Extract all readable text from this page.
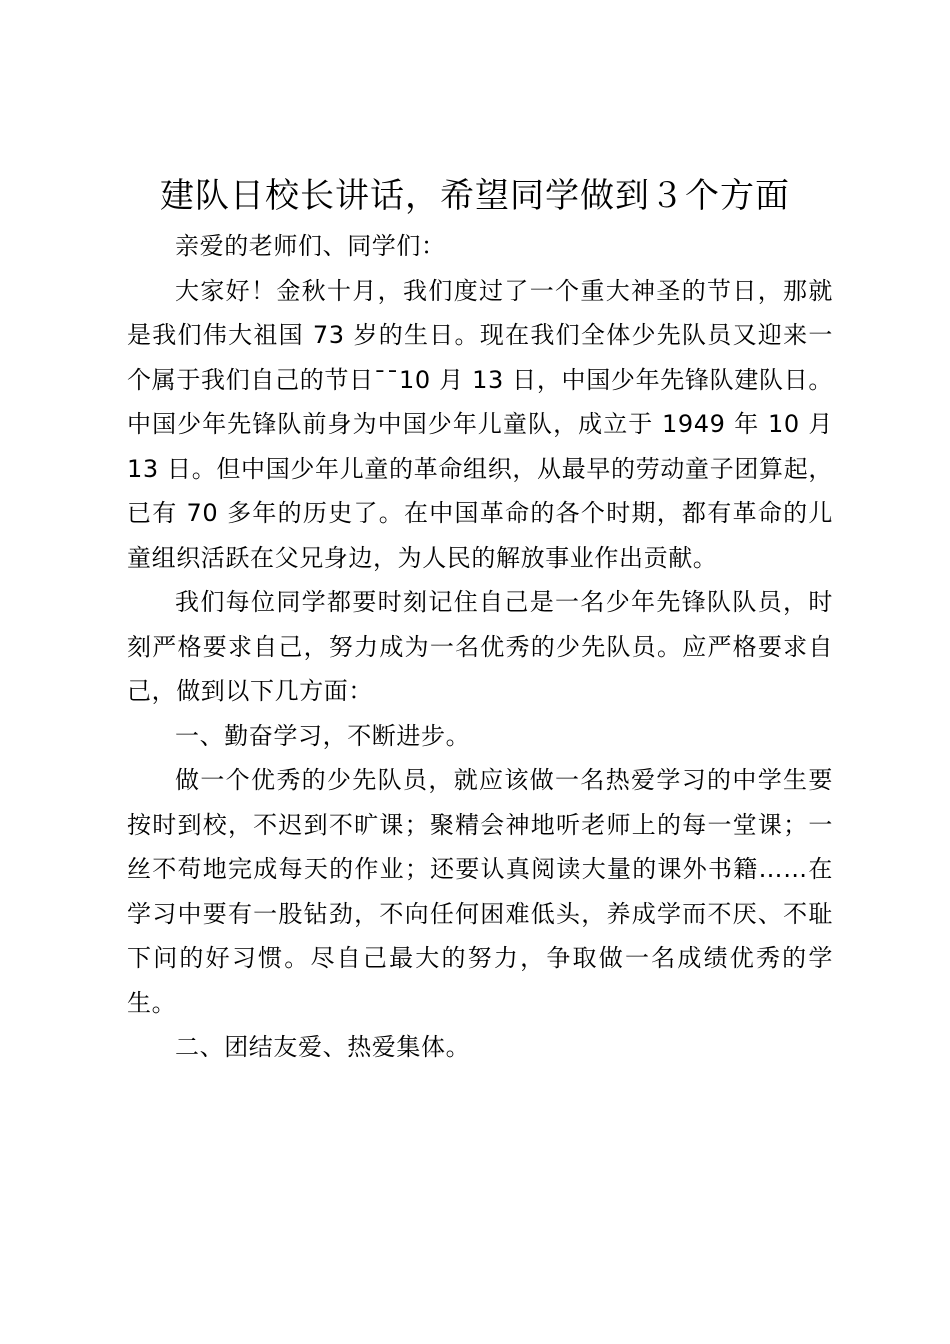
建队日校长讲话，希望同学做到３个方面

亲爱的老师们、同学们：

大家好！金秋十月，我们度过了一个重大神圣的节日，那就是我们伟大祖国 73 岁的生日。现在我们全体少先队员又迎来一个属于我们自己的节日¯¯10 月 13 日，中国少年先锋队建队日。中国少年先锋队前身为中国少年儿童队，成立于 1949 年 10 月 13 日。但中国少年儿童的革命组织，从最早的劳动童子团算起，已有 70 多年的历史了。在中国革命的各个时期，都有革命的儿童组织活跃在父兄身边，为人民的解放事业作出贡献。

我们每位同学都要时刻记住自己是一名少年先锋队队员，时刻严格要求自己，努力成为一名优秀的少先队员。应严格要求自己，做到以下几方面：

一、勤奋学习，不断进步。

做一个优秀的少先队员，就应该做一名热爱学习的中学生要按时到校，不迟到不旷课；聚精会神地听老师上的每一堂课；一丝不苟地完成每天的作业；还要认真阅读大量的课外书籍……在学习中要有一股钻劲，不向任何困难低头，养成学而不厌、不耻下问的好习惯。尽自己最大的努力，争取做一名成绩优秀的学生。

二、团结友爱、热爱集体。
